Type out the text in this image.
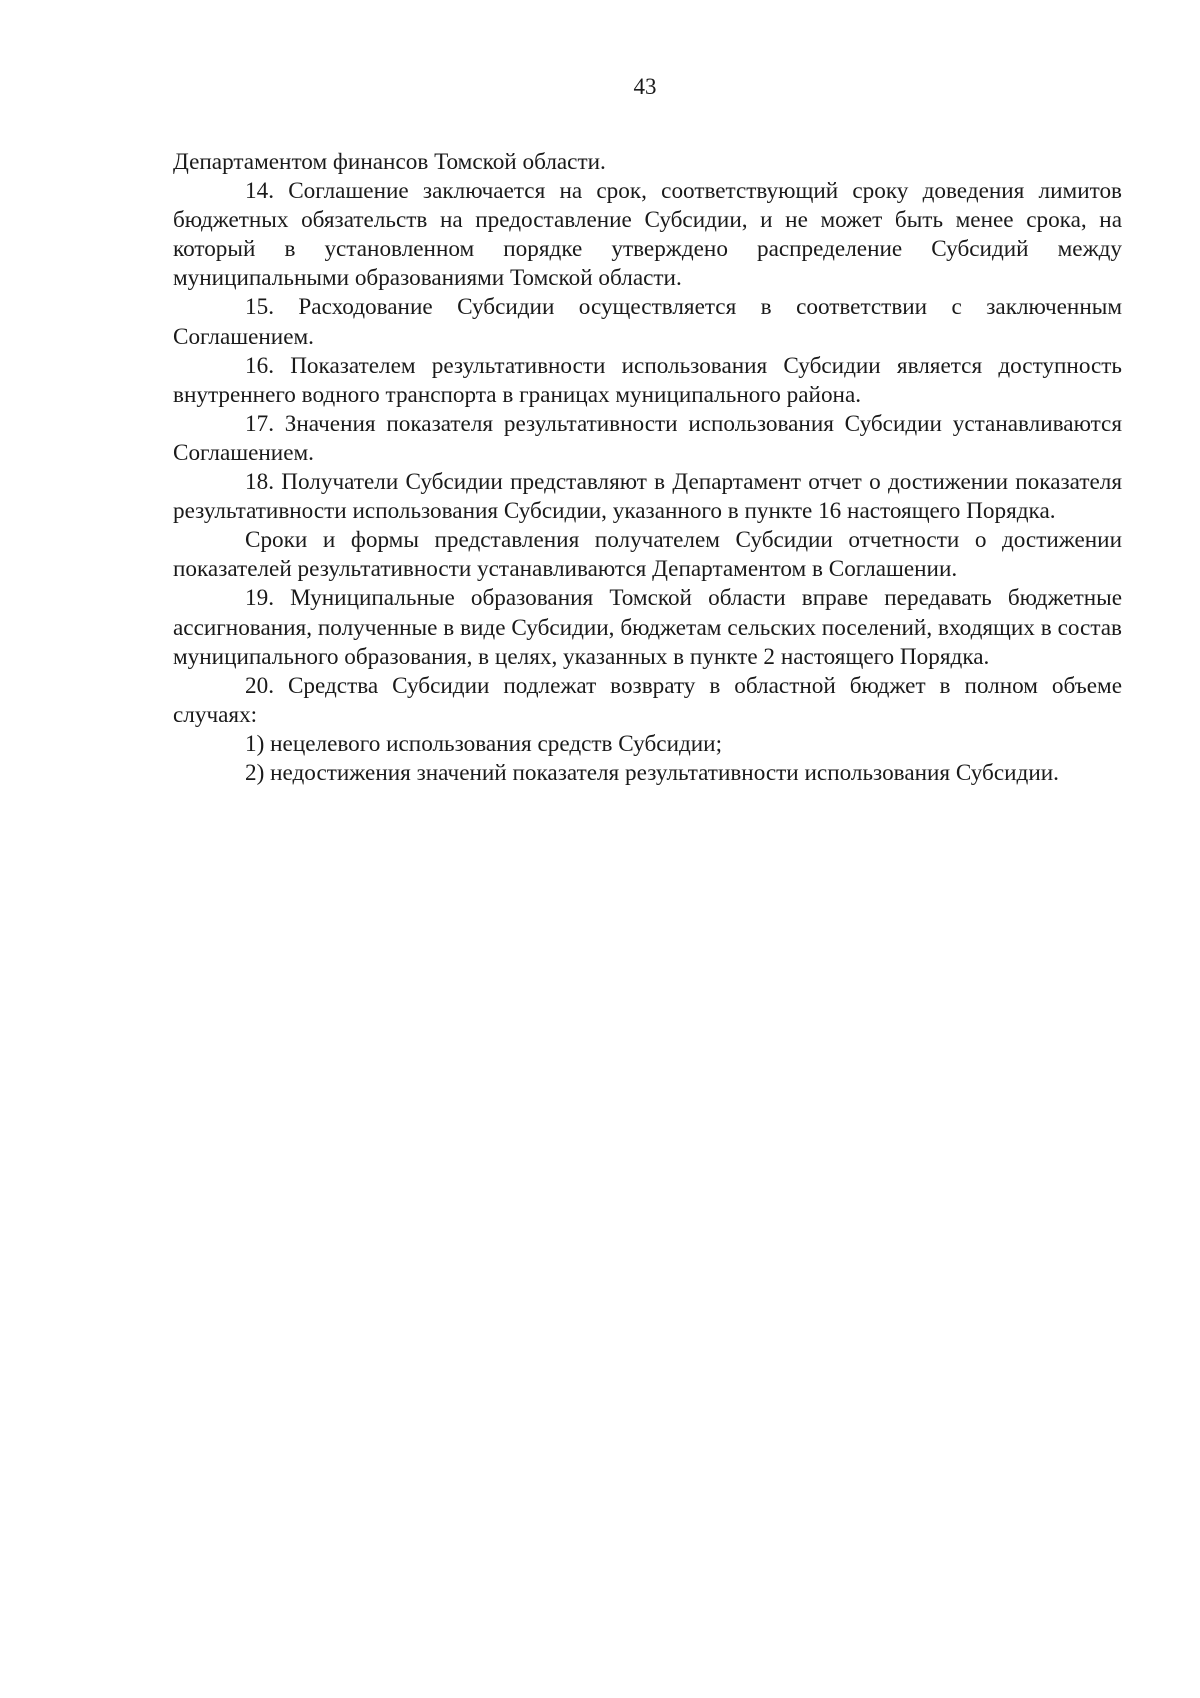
43

Департаментом финансов Томской области.

14. Соглашение заключается на срок, соответствующий сроку доведения лимитов бюджетных обязательств на предоставление Субсидии, и не может быть менее срока, на который в установленном порядке утверждено распределение Субсидий между муниципальными образованиями Томской области.

15. Расходование Субсидии осуществляется в соответствии с заключенным Соглашением.

16. Показателем результативности использования Субсидии является доступность внутреннего водного транспорта в границах муниципального района.

17. Значения показателя результативности использования Субсидии устанавливаются Соглашением.

18. Получатели Субсидии представляют в Департамент отчет о достижении показателя результативности использования Субсидии, указанного в пункте 16 настоящего Порядка.

Сроки и формы представления получателем Субсидии отчетности о достижении показателей результативности устанавливаются Департаментом в Соглашении.

19. Муниципальные образования Томской области вправе передавать бюджетные ассигнования, полученные в виде Субсидии, бюджетам сельских поселений, входящих в состав муниципального образования, в целях, указанных в пункте 2 настоящего Порядка.

20. Средства Субсидии подлежат возврату в областной бюджет в полном объеме случаях:

1) нецелевого использования средств Субсидии;

2) недостижения значений показателя результативности использования Субсидии.
